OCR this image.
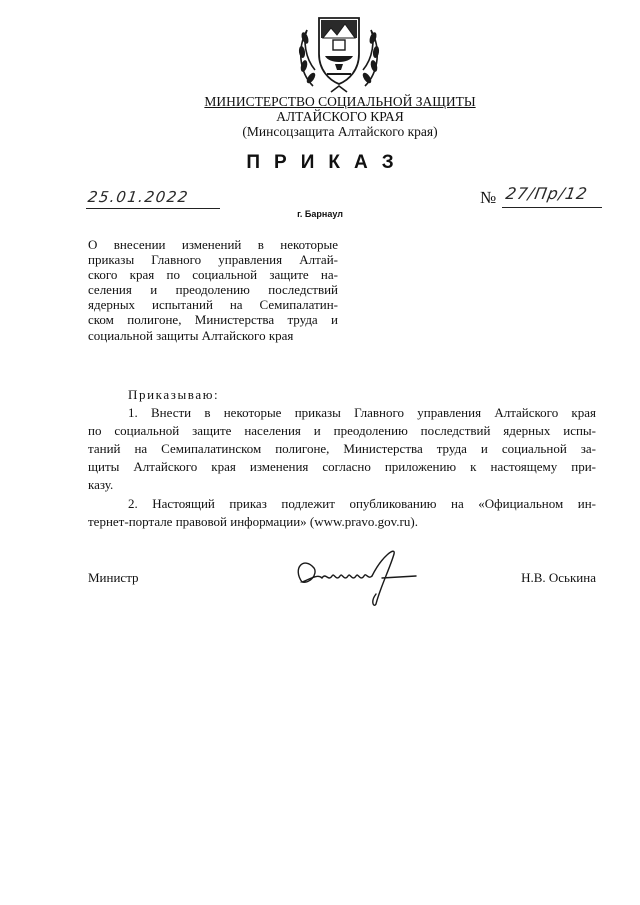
МИНИСТЕРСТВО СОЦИАЛЬНОЙ ЗАЩИТЫ
АЛТАЙСКОГО КРАЯ
(Минсоцзащита Алтайского края)
ПРИКАЗ
25.01.2022	№ 27/Пр/12
г. Барнаул
О внесении изменений в некоторые
приказы Главного управления Алтай-
ского края по социальной защите на-
селения и преодолению последствий
ядерных испытаний на Семипалатин-
ском полигоне, Министерства труда и
социальной защиты Алтайского края
Приказываю:
1. Внести в некоторые приказы Главного управления Алтайского края
по социальной защите населения и преодолению последствий ядерных испы-
таний на Семипалатинском полигоне, Министерства труда и социальной за-
щиты Алтайского края изменения согласно приложению к настоящему при-
казу.
2. Настоящий приказ подлежит опубликованию на «Официальном ин-
тернет-портале правовой информации» (www.pravo.gov.ru).
Министр	Н.В. Оськина
